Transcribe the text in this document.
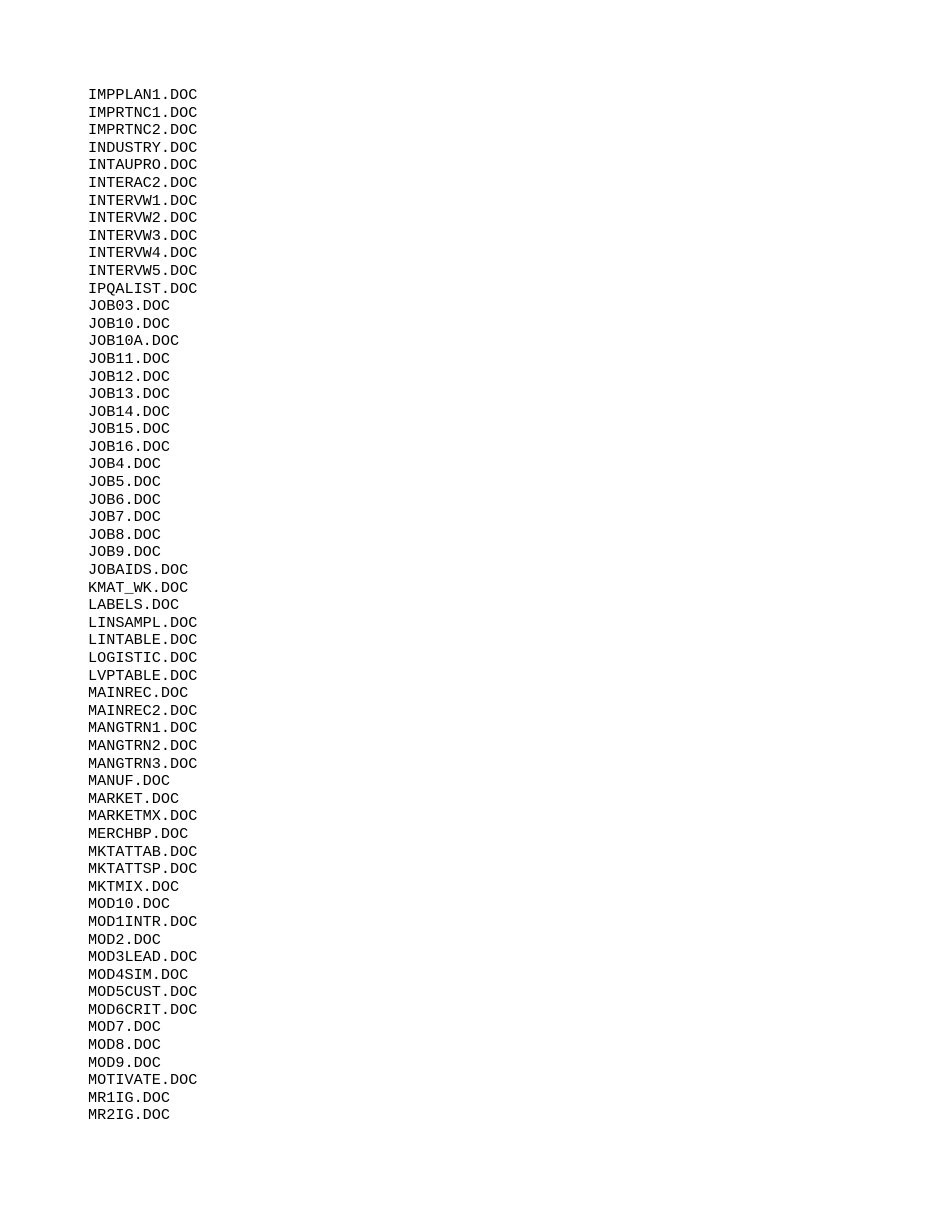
IMPPLAN1.DOC
IMPRTNC1.DOC
IMPRTNC2.DOC
INDUSTRY.DOC
INTAUPRO.DOC
INTERAC2.DOC
INTERVW1.DOC
INTERVW2.DOC
INTERVW3.DOC
INTERVW4.DOC
INTERVW5.DOC
IPQALIST.DOC
JOB03.DOC
JOB10.DOC
JOB10A.DOC
JOB11.DOC
JOB12.DOC
JOB13.DOC
JOB14.DOC
JOB15.DOC
JOB16.DOC
JOB4.DOC
JOB5.DOC
JOB6.DOC
JOB7.DOC
JOB8.DOC
JOB9.DOC
JOBAIDS.DOC
KMAT_WK.DOC
LABELS.DOC
LINSAMPL.DOC
LINTABLE.DOC
LOGISTIC.DOC
LVPTABLE.DOC
MAINREC.DOC
MAINREC2.DOC
MANGTRN1.DOC
MANGTRN2.DOC
MANGTRN3.DOC
MANUF.DOC
MARKET.DOC
MARKETMX.DOC
MERCHBP.DOC
MKTATTAB.DOC
MKTATTSP.DOC
MKTMIX.DOC
MOD10.DOC
MOD1INTR.DOC
MOD2.DOC
MOD3LEAD.DOC
MOD4SIM.DOC
MOD5CUST.DOC
MOD6CRIT.DOC
MOD7.DOC
MOD8.DOC
MOD9.DOC
MOTIVATE.DOC
MR1IG.DOC
MR2IG.DOC
